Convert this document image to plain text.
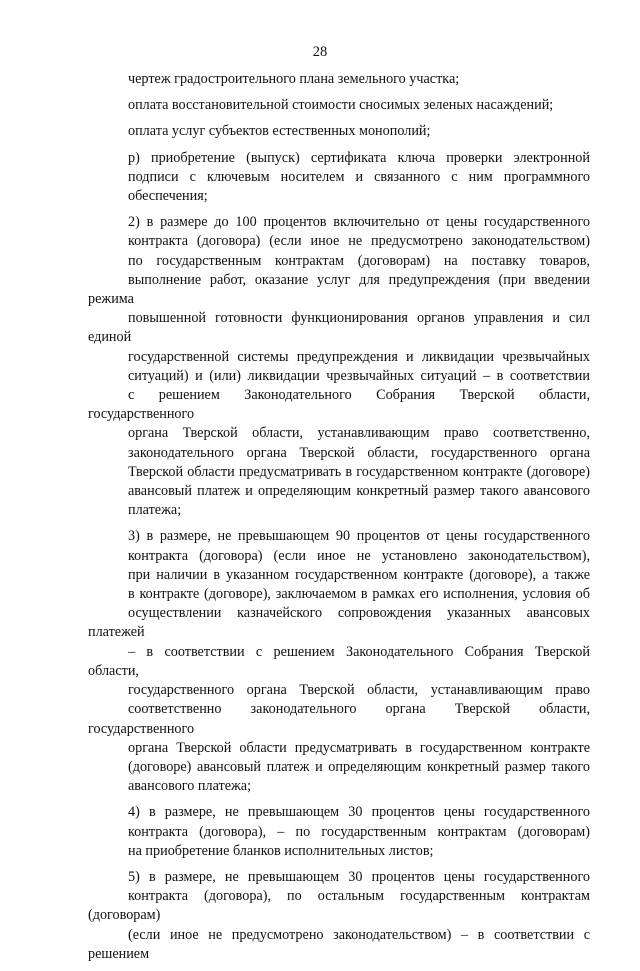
28
чертеж градостроительного плана земельного участка;
оплата восстановительной стоимости сносимых зеленых насаждений;
оплата услуг субъектов естественных монополий;
р) приобретение (выпуск) сертификата ключа проверки электронной
подписи с ключевым носителем и связанного с ним программного
обеспечения;
2) в размере до 100 процентов включительно от цены государственного
контракта (договора) (если иное не предусмотрено законодательством)
по государственным контрактам (договорам) на поставку товаров,
выполнение работ, оказание услуг для предупреждения (при введении режима
повышенной готовности функционирования органов управления и сил единой
государственной системы предупреждения и ликвидации чрезвычайных
ситуаций) и (или) ликвидации чрезвычайных ситуаций – в соответствии
с решением Законодательного Собрания Тверской области, государственного
органа Тверской области, устанавливающим право соответственно,
законодательного органа Тверской области, государственного органа
Тверской области предусматривать в государственном контракте (договоре)
авансовый платеж и определяющим конкретный размер такого авансового
платежа;
3) в размере, не превышающем 90 процентов от цены государственного
контракта (договора) (если иное не установлено законодательством),
при наличии в указанном государственном контракте (договоре), а также
в контракте (договоре), заключаемом в рамках его исполнения, условия об
осуществлении казначейского сопровождения указанных авансовых платежей
– в соответствии с решением Законодательного Собрания Тверской области,
государственного органа Тверской области, устанавливающим право
соответственно законодательного органа Тверской области, государственного
органа Тверской области предусматривать в государственном контракте
(договоре) авансовый платеж и определяющим конкретный размер такого
авансового платежа;
4) в размере, не превышающем 30 процентов цены государственного
контракта (договора), – по государственным контрактам (договорам)
на приобретение бланков исполнительных листов;
5) в размере, не превышающем 30 процентов цены государственного
контракта (договора), по остальным государственным контрактам (договорам)
(если иное не предусмотрено законодательством) – в соответствии с решением
